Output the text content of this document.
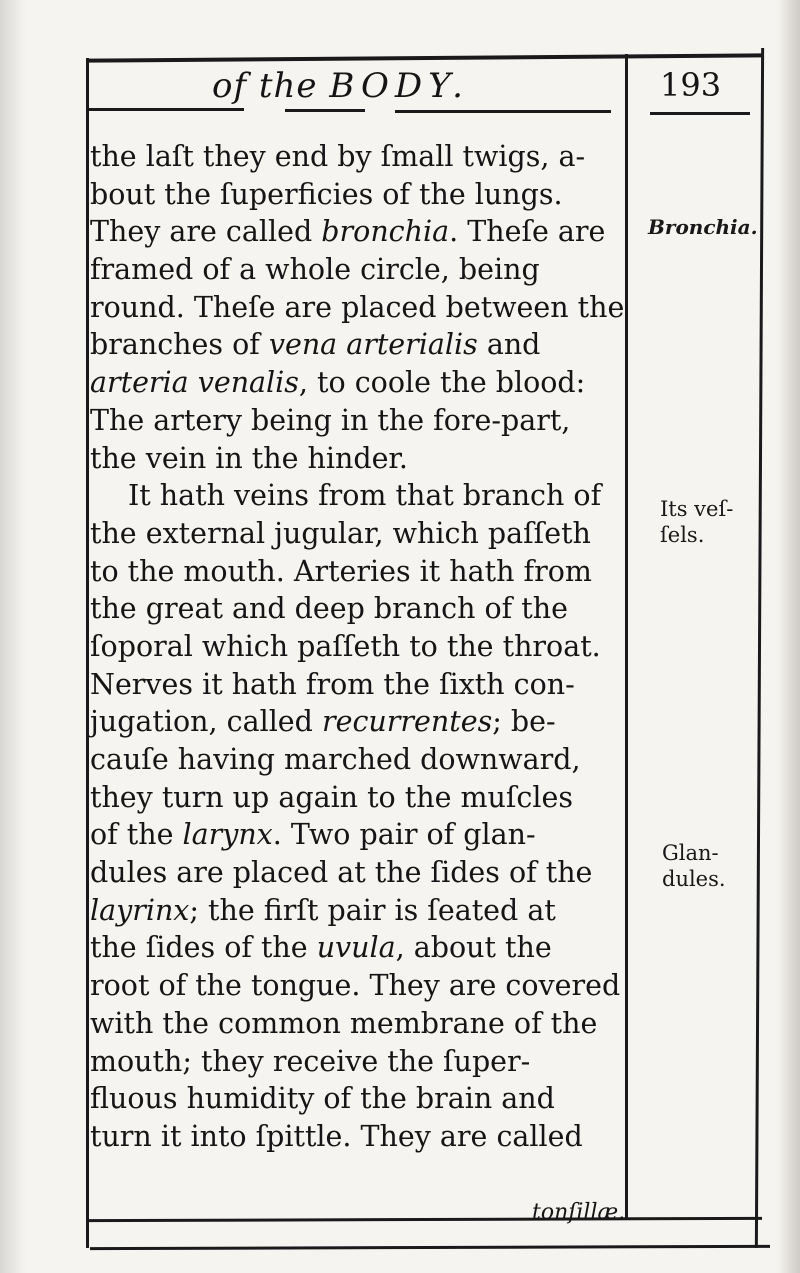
of the BODY.	193
the laſt they end by ſmall twigs, a-
bout the ſuperficies of the lungs.
They are called bronchia. Theſe are
framed of a whole circle, being
round. Theſe are placed between the
branches of vena arterialis and
arteria venalis, to coole the blood:
The artery being in the fore-part,
the vein in the hinder.
It hath veins from that branch of
the external jugular, which paſſeth
to the mouth. Arteries it hath from
the great and deep branch of the
ſoporal which paſſeth to the throat.
Nerves it hath from the ſixth con-
jugation, called recurrentes; be-
cauſe having marched downward,
they turn up again to the muſcles
of the larynx. Two pair of glan-
dules are placed at the ſides of the
layrinx; the firſt pair is ſeated at
the ſides of the uvula, about the
root of the tongue. They are covered
with the common membrane of the
mouth; they receive the ſuper-
fluous humidity of the brain and
turn it into ſpittle. They are called
tonſillæ.
Bronchia.
Its veſ-
ſels.
Glan-
dules.
